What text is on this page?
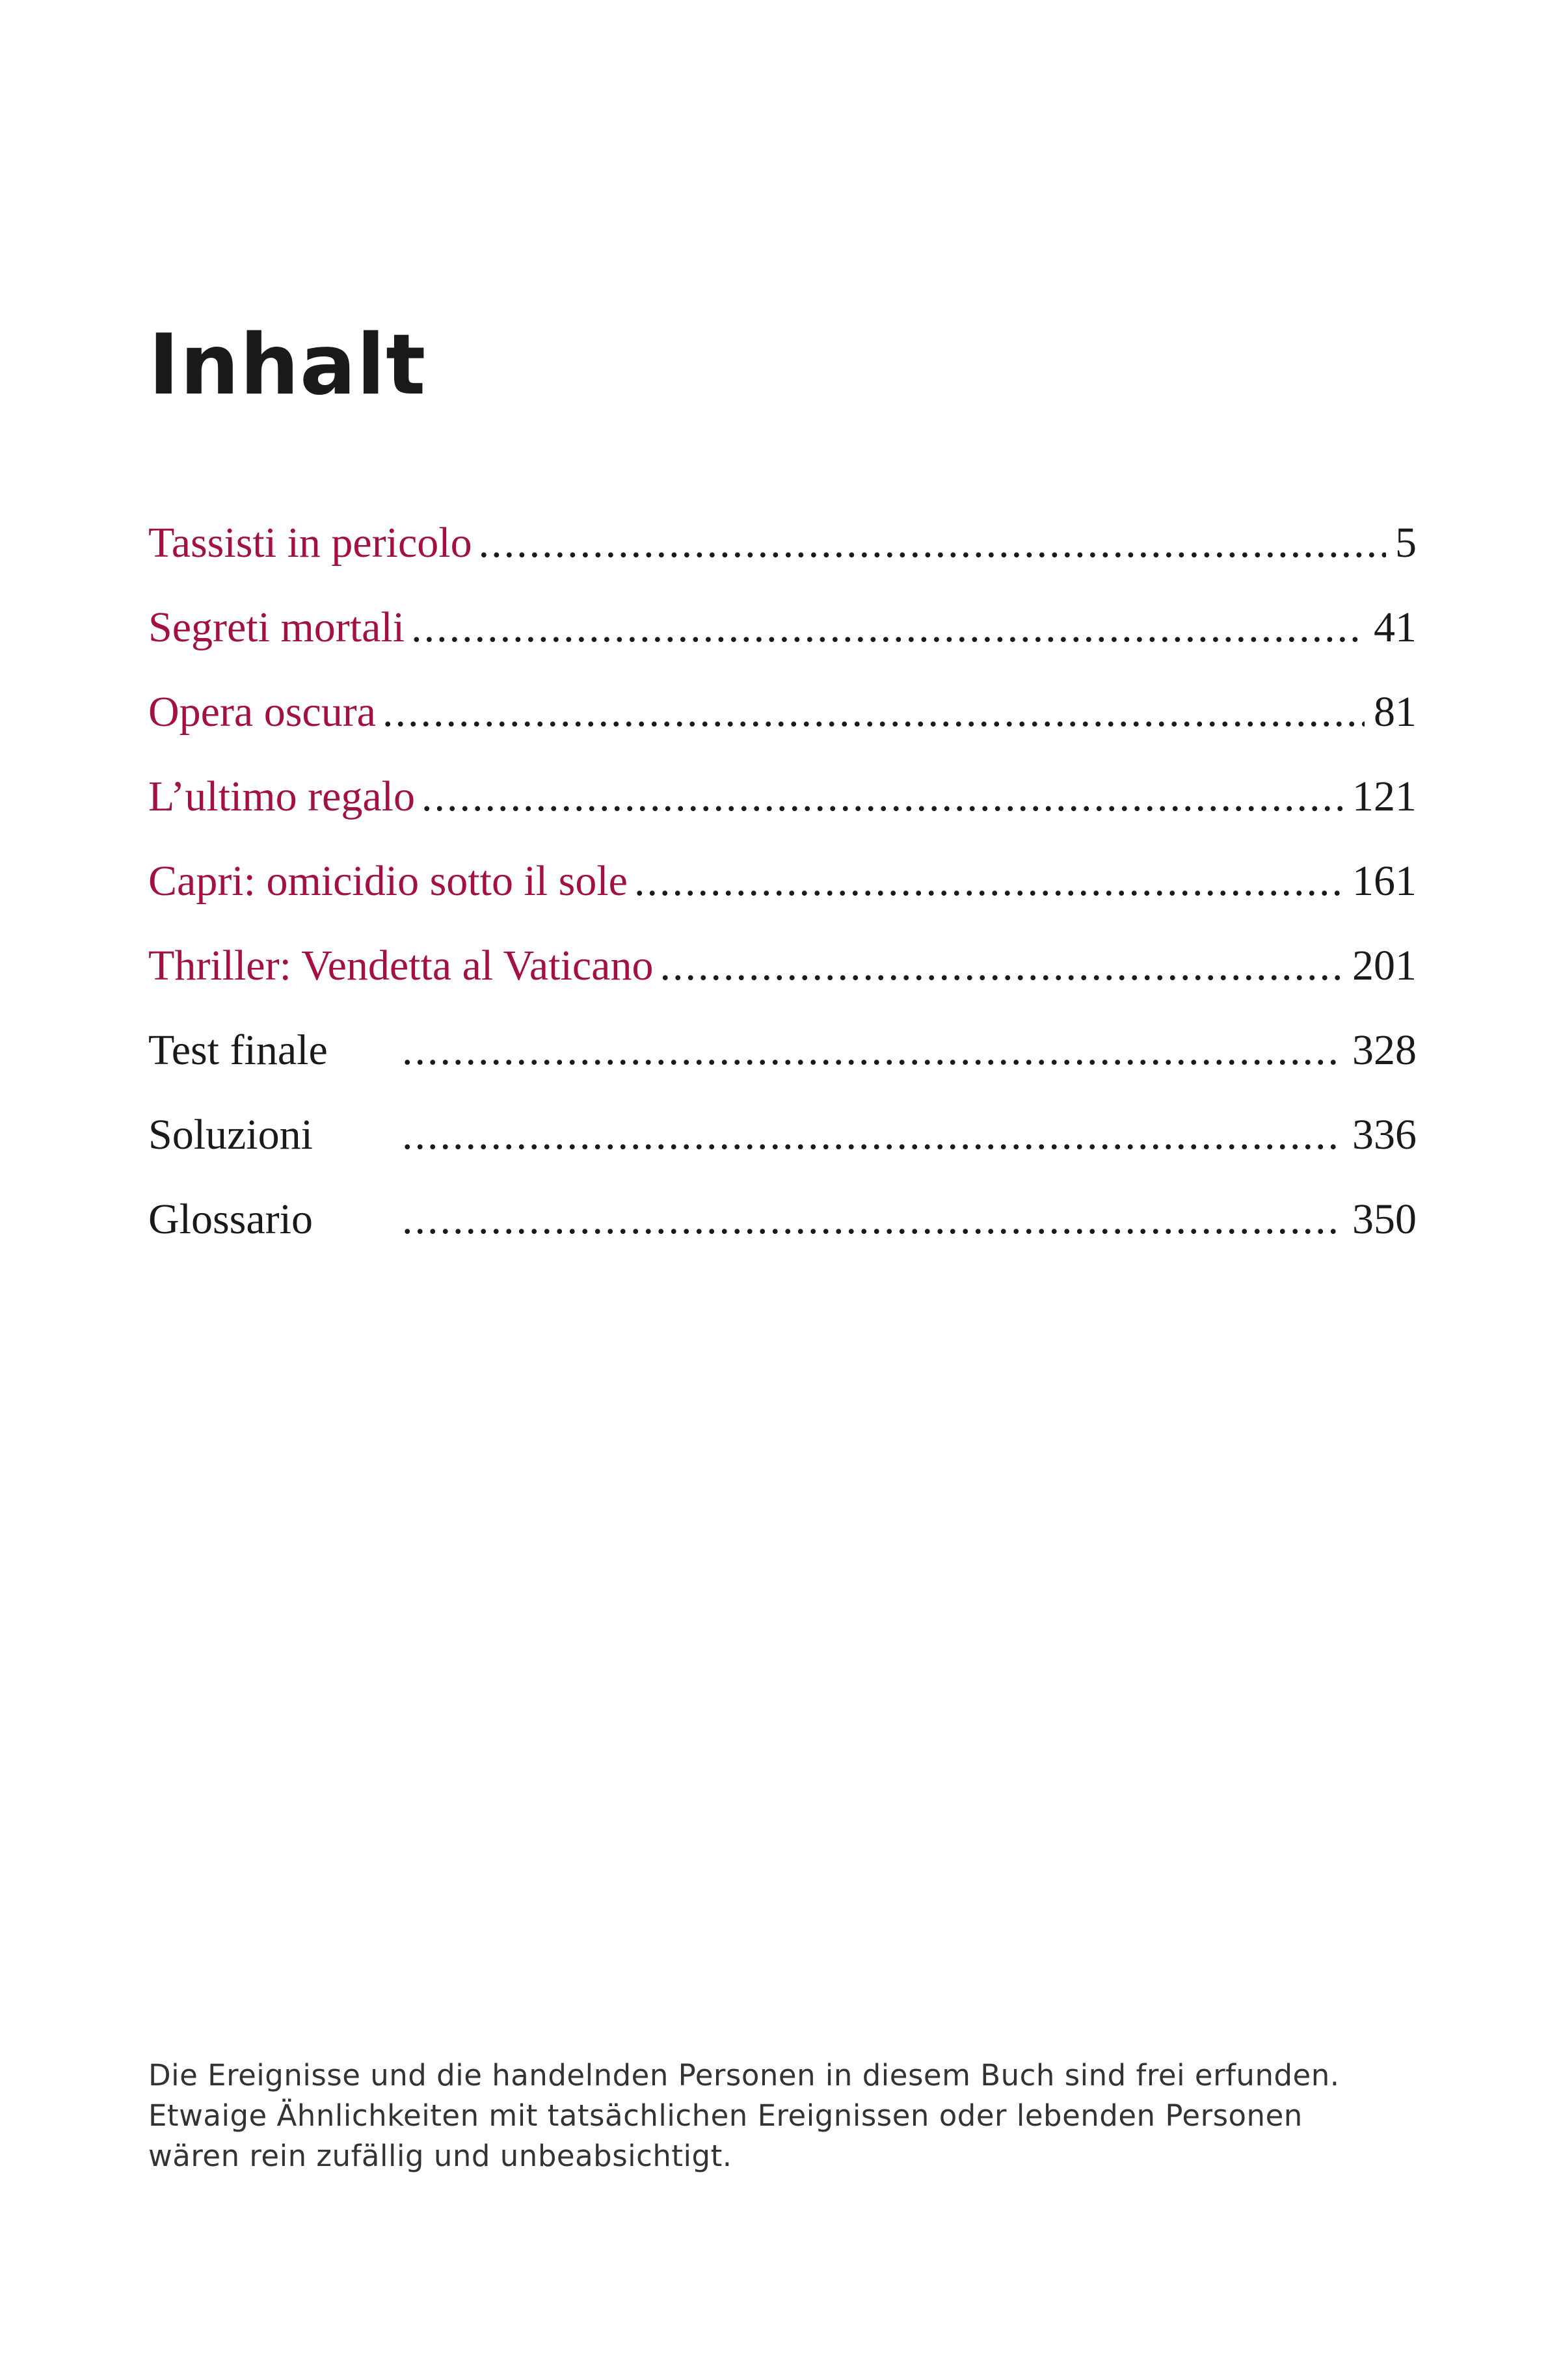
Inhalt
Tassisti in pericolo .....	5
Segreti mortali .....	41
Opera oscura .....	81
L’ultimo regalo .....	121
Capri: omicidio sotto il sole .....	161
Thriller: Vendetta al Vaticano .....	201
Test finale .....	328
Soluzioni .....	336
Glossario .....	350
Die Ereignisse und die handelnden Personen in diesem Buch sind frei erfunden.
Etwaige Ähnlichkeiten mit tatsächlichen Ereignissen oder lebenden Personen
wären rein zufällig und unbeabsichtigt.
